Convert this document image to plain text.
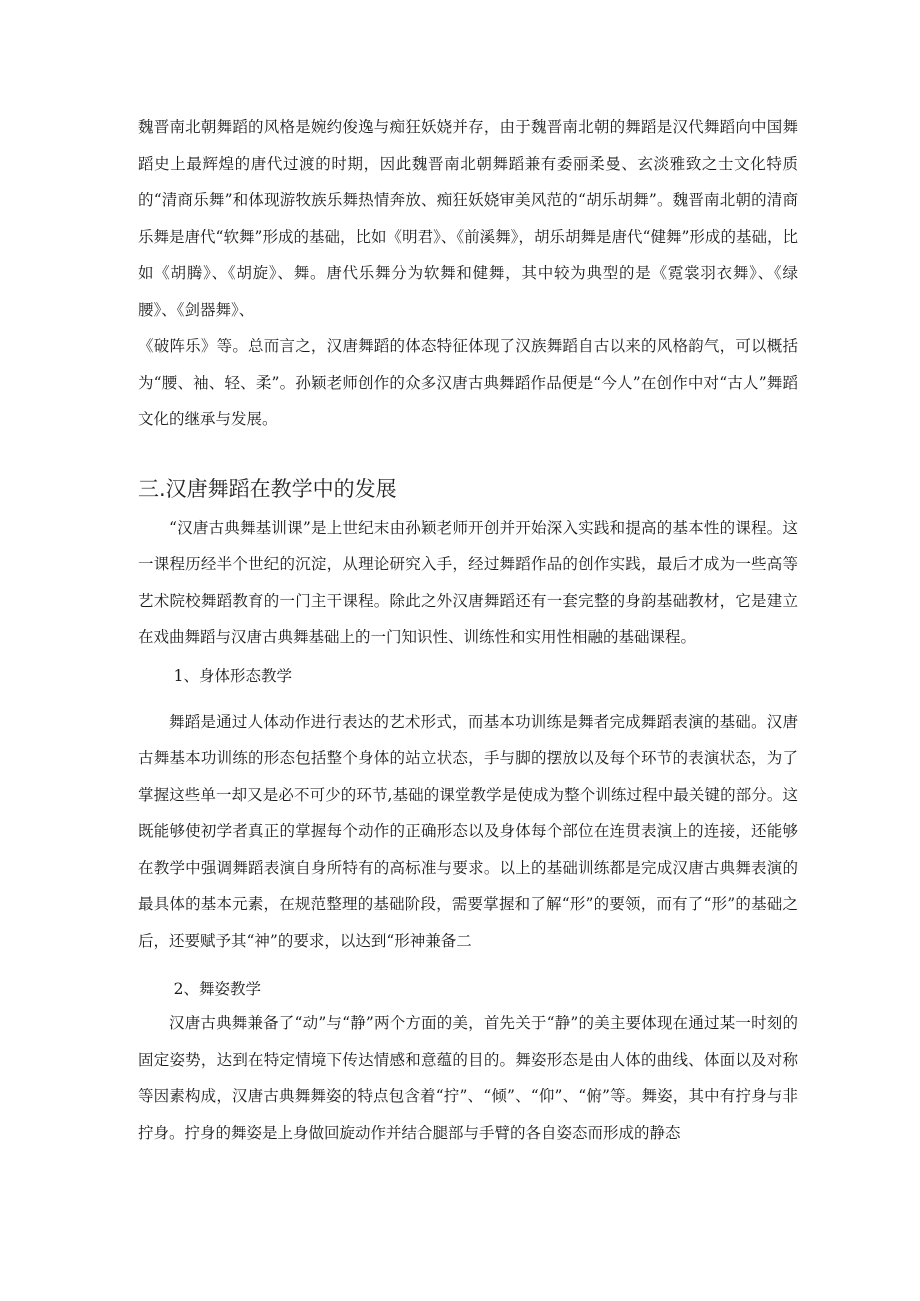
魏晋南北朝舞蹈的风格是婉约俊逸与痴狂妖娆并存，由于魏晋南北朝的舞蹈是汉代舞蹈向中国舞蹈史上最辉煌的唐代过渡的时期，因此魏晋南北朝舞蹈兼有委丽柔曼、玄淡雅致之士文化特质的“清商乐舞”和体现游牧族乐舞热情奔放、痴狂妖娆审美风范的“胡乐胡舞”。魏晋南北朝的清商乐舞是唐代“软舞”形成的基础，比如《明君》、《前溪舞》，胡乐胡舞是唐代“健舞”形成的基础，比如《胡腾》、《胡旋》、舞。唐代乐舞分为软舞和健舞，其中较为典型的是《霓裳羽衣舞》、《绿腰》、《剑器舞》、

《破阵乐》等。总而言之，汉唐舞蹈的体态特征体现了汉族舞蹈自古以来的风格韵气，可以概括为“腰、袖、轻、柔”。孙颖老师创作的众多汉唐古典舞蹈作品便是“今人”在创作中对“古人”舞蹈文化的继承与发展。

三.汉唐舞蹈在教学中的发展

“汉唐古典舞基训课”是上世纪末由孙颖老师开创并开始深入实践和提高的基本性的课程。这一课程历经半个世纪的沉淀，从理论研究入手，经过舞蹈作品的创作实践，最后才成为一些高等艺术院校舞蹈教育的一门主干课程。除此之外汉唐舞蹈还有一套完整的身韵基础教材，它是建立在戏曲舞蹈与汉唐古典舞基础上的一门知识性、训练性和实用性相融的基础课程。

1、身体形态教学

舞蹈是通过人体动作进行表达的艺术形式，而基本功训练是舞者完成舞蹈表演的基础。汉唐古舞基本功训练的形态包括整个身体的站立状态，手与脚的摆放以及每个环节的表演状态，为了掌握这些单一却又是必不可少的环节,基础的课堂教学是使成为整个训练过程中最关键的部分。这既能够使初学者真正的掌握每个动作的正确形态以及身体每个部位在连贯表演上的连接，还能够在教学中强调舞蹈表演自身所特有的高标准与要求。以上的基础训练都是完成汉唐古典舞表演的最具体的基本元素，在规范整理的基础阶段，需要掌握和了解“形”的要领，而有了“形”的基础之后，还要赋予其“神”的要求，以达到“形神兼备二

2、舞姿教学

汉唐古典舞兼备了“动”与“静”两个方面的美，首先关于“静”的美主要体现在通过某一时刻的固定姿势，达到在特定情境下传达情感和意蕴的目的。舞姿形态是由人体的曲线、体面以及对称等因素构成，汉唐古典舞舞姿的特点包含着“拧”、“倾”、“仰”、“俯”等。舞姿，其中有拧身与非拧身。拧身的舞姿是上身做回旋动作并结合腿部与手臂的各自姿态而形成的静态
